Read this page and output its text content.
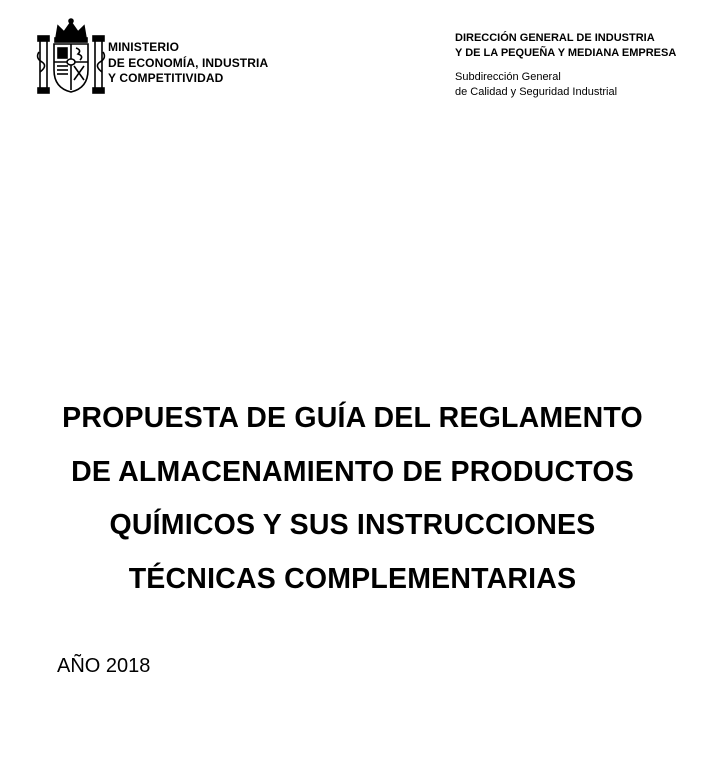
MINISTERIO
DE ECONOMÍA, INDUSTRIA
Y COMPETITIVIDAD
DIRECCIÓN GENERAL DE INDUSTRIA
Y DE LA PEQUEÑA Y MEDIANA EMPRESA
Subdirección General
de Calidad y Seguridad Industrial
PROPUESTA DE GUÍA DEL REGLAMENTO
DE ALMACENAMIENTO DE PRODUCTOS
QUÍMICOS Y SUS INSTRUCCIONES
TÉCNICAS COMPLEMENTARIAS
AÑO 2018
